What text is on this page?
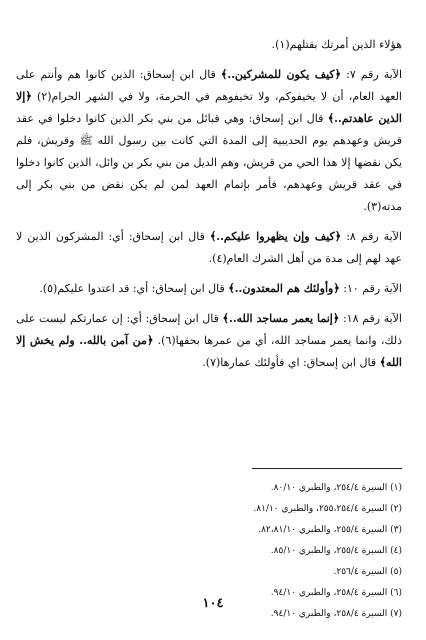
هؤلاء الذين أمرتك بقتلهم(١).

الآية رقم ٧: ﴿كيف يكون للمشركين..﴾ قال ابن إسحاق: الذين كانوا هم وأنتم على العهد العام، أن لا يخيفوكم، ولا تخيفوهم في الحرمة، ولا في الشهر الحرام(٢) ﴿إلا الذين عاهدتم..﴾ قال ابن إسحاق: وهي قبائل من بني بكر الذين كانوا دخلوا في عقد قريش وعهدهم يوم الحديبية إلى المدة التي كانت بين رسول الله ﷺ وقريش، فلم يكن نقضها إلا هذا الحي من قريش، وهم الديل من بني بكر بن وائل، الذين كانوا دخلوا في عقد قريش وعهدهم، فأمر بإتمام العهد لمن لم يكن نقض من بني بكر إلى مدته(٣).

الآية رقم ٨: ﴿كيف وإن يظهروا عليكم..﴾ قال ابن إسحاق: أي: المشركون الذين لا عهد لهم إلى مدة من أهل الشرك العام(٤).

الآية رقم ١٠: ﴿وأولئك هم المعتدون..﴾ قال ابن إسحاق: أي: قد اعتدوا عليكم(٥).

الآية رقم ١٨: ﴿إنما يعمر مساجد الله..﴾ قال ابن إسحاق: أي: إن عمارتكم ليست على ذلك، وانما يعمر مساجد الله، أي من عمرها بحقها(٦). ﴿من آمن بالله.. ولم يخش إلا الله﴾ قال ابن إسحاق: اي فأولئك عمارها(٧).

(١) السيرة ٢٥٤/٤، والطبري ٨٠/١٠.
(٢) السيرة ٢٥٥،٢٥٤/٤، والطبري ٨١/١٠.
(٣) السيرة ٢٥٥/٤، والطبري ٨٢،٨١/١٠.
(٤) السيرة ٢٥٥/٤، والطبري ٨٥/١٠.
(٥) السيرة ٢٥٦/٤.
(٦) السيرة ٢٥٨/٤، والطبري ٩٤/١٠.
(٧) السيرة ٢٥٨/٤، والطبري ٩٤/١٠.
١٠٤
